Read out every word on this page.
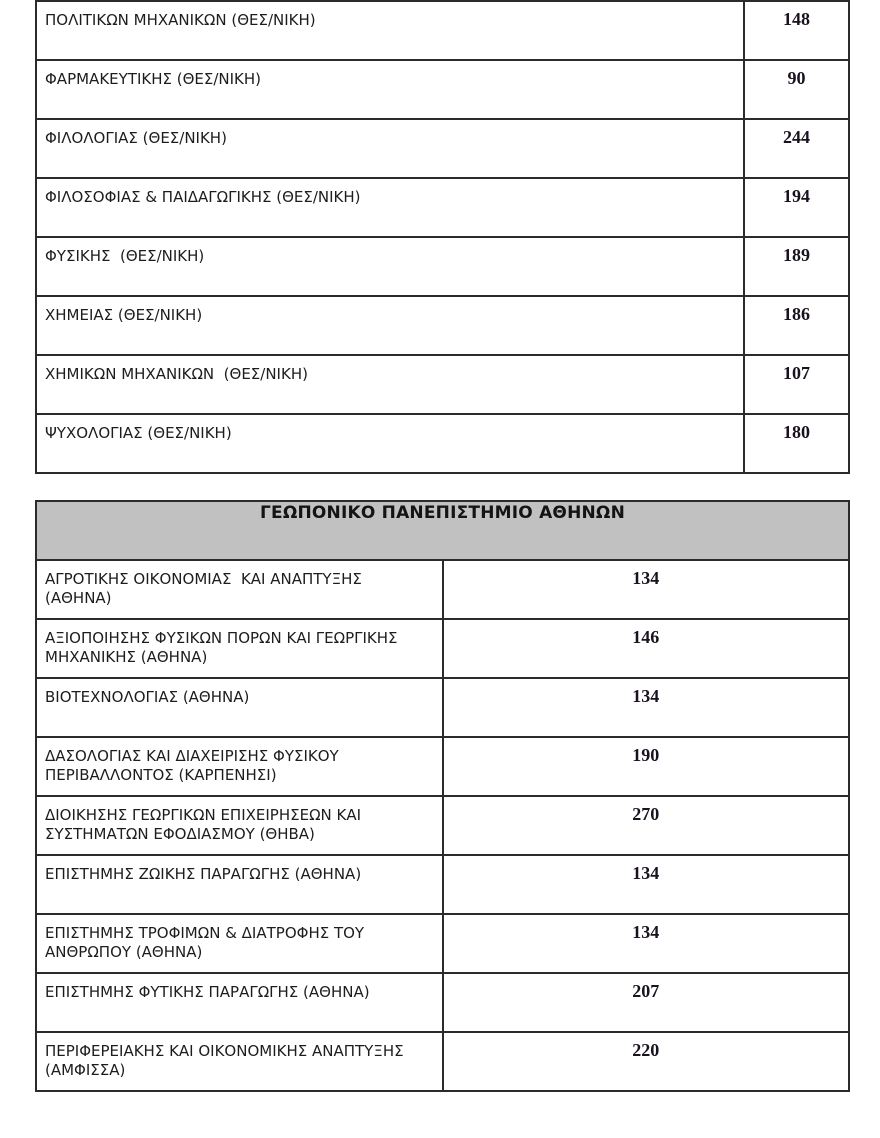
ΠΟΛΙΤΙΚΩΝ ΜΗΧΑΝΙΚΩΝ (ΘΕΣ/ΝΙΚΗ)	148
ΦΑΡΜΑΚΕΥΤΙΚΗΣ (ΘΕΣ/ΝΙΚΗ)	90
ΦΙΛΟΛΟΓΙΑΣ (ΘΕΣ/ΝΙΚΗ)	244
ΦΙΛΟΣΟΦΙΑΣ & ΠΑΙΔΑΓΩΓΙΚΗΣ (ΘΕΣ/ΝΙΚΗ)	194
ΦΥΣΙΚΗΣ  (ΘΕΣ/ΝΙΚΗ)	189
ΧΗΜΕΙΑΣ (ΘΕΣ/ΝΙΚΗ)	186
ΧΗΜΙΚΩΝ ΜΗΧΑΝΙΚΩΝ  (ΘΕΣ/ΝΙΚΗ)	107
ΨΥΧΟΛΟΓΙΑΣ (ΘΕΣ/ΝΙΚΗ)	180
ΓΕΩΠΟΝΙΚΟ ΠΑΝΕΠΙΣΤΗΜΙΟ ΑΘΗΝΩΝ	
ΑΓΡΟΤΙΚΗΣ ΟΙΚΟΝΟΜΙΑΣ  ΚΑΙ ΑΝΑΠΤΥΞΗΣ (ΑΘΗΝΑ)	134
ΑΞΙΟΠΟΙΗΣΗΣ ΦΥΣΙΚΩΝ ΠΟΡΩΝ ΚΑΙ ΓΕΩΡΓΙΚΗΣ ΜΗΧΑΝΙΚΗΣ (ΑΘΗΝΑ)	146
ΒΙΟΤΕΧΝΟΛΟΓΙΑΣ (ΑΘΗΝΑ)	134
ΔΑΣΟΛΟΓΙΑΣ ΚΑΙ ΔΙΑΧΕΙΡΙΣΗΣ ΦΥΣΙΚΟΥ ΠΕΡΙΒΑΛΛΟΝΤΟΣ (ΚΑΡΠΕΝΗΣΙ)	190
ΔΙΟΙΚΗΣΗΣ ΓΕΩΡΓΙΚΩΝ ΕΠΙΧΕΙΡΗΣΕΩΝ ΚΑΙ ΣΥΣΤΗΜΑΤΩΝ ΕΦΟΔΙΑΣΜΟΥ (ΘΗΒΑ)	270
ΕΠΙΣΤΗΜΗΣ ΖΩΙΚΗΣ ΠΑΡΑΓΩΓΗΣ (ΑΘΗΝΑ)	134
ΕΠΙΣΤΗΜΗΣ ΤΡΟΦΙΜΩΝ & ΔΙΑΤΡΟΦΗΣ ΤΟΥ ΑΝΘΡΩΠΟΥ (ΑΘΗΝΑ)	134
ΕΠΙΣΤΗΜΗΣ ΦΥΤΙΚΗΣ ΠΑΡΑΓΩΓΗΣ (ΑΘΗΝΑ)	207
ΠΕΡΙΦΕΡΕΙΑΚΗΣ ΚΑΙ ΟΙΚΟΝΟΜΙΚΗΣ ΑΝΑΠΤΥΞΗΣ (ΑΜΦΙΣΣΑ)	220
